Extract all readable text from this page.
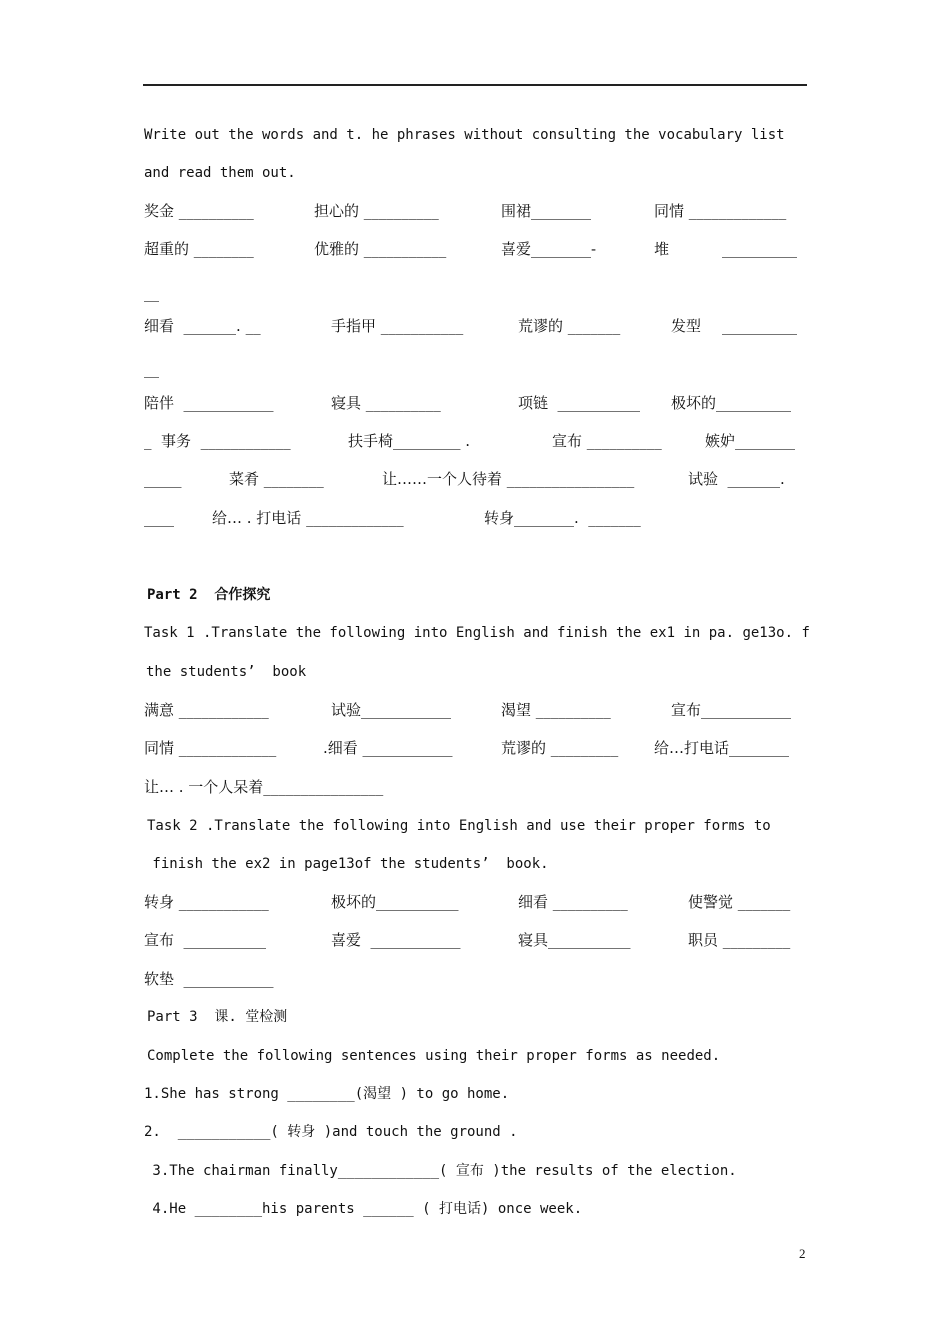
Write out the words and t. he phrases without consulting the vocabulary list
and read them out.
奖金 __________	担心的 __________	围裙________	同情 _____________
超重的 ________	优雅的 ___________	喜爱________-	堆	__________
__
细看  _______. __	手指甲 ___________	荒谬的 _______	发型 __________
__
陪伴  ____________	寝具 __________	项链  ___________ 极坏的__________
_  事务  ____________	扶手椅_________ .	宣布 __________	嫉妒________
_____	菜肴 ________	让……一个人待着 _________________	试验  _______.
____	给… . 打电话 _____________	转身________.  _______
Part 2  合作探究
Task 1 .Translate the following into English and finish the ex1 in pa. ge13o. f
the students’  book
满意 ____________	试验____________	渴望 __________	宣布____________
同情 _____________	.细看 ____________	荒谬的 _________ 给…打电话________
让… . 一个人呆着________________
Task 2 .Translate the following into English and use their proper forms to
finish the ex2 in page13of the students’  book.
转身 ____________	极坏的___________	细看 __________	使警觉 _______
宣布  ___________	喜爱  ____________	寝具___________	职员 _________
软垫  ____________
Part 3  课. 堂检测
Complete the following sentences using their proper forms as needed.
1.She has strong ________(渴望 ) to go home.
2.  ___________( 转身 )and touch the ground .
3.The chairman finally____________( 宣布 )the results of the election.
4.He ________his parents ______ ( 打电话) once week.
2
